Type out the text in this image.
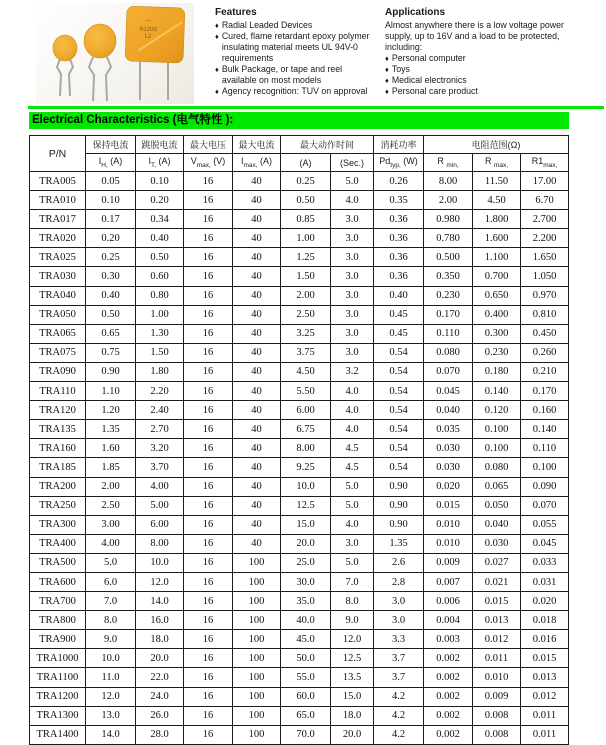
〰
A1200
L2
Features
♦ Radial Leaded Devices
♦ Cured, flame retardant epoxy polymer insulating material meets UL 94V-0 requirements
♦ Bulk Package, or tape and reel available on most models
♦ Agency recognition: TUV on approval
Applications

Almost anywhere there is a low voltage power supply, up to 16V and a load to be protected, including:

♦ Personal computer
♦ Toys
♦ Medical electronics
♦ Personal care product
Electrical Characteristics (电气特性 ):
P/N	保持电流	跳脱电流	最大电压	最大电流	最大动作时间		消耗功率	电阻范围(Ω)		
	$I_{H,}$ (A)	$I_{T,}$ (A)	$V_{max,}$ (V)	$I_{max,}$ (A)	(A)	(Sec.)	$Pd_{typ,}$ (W)	R $_{min,}$	R $_{max,}$	$R1_{max,}$
TRA005	0.05	0.10	16	40	0.25	5.0	0.26	8.00	11.50	17.00
TRA010	0.10	0.20	16	40	0.50	4.0	0.35	2.00	4.50	6.70
TRA017	0.17	0.34	16	40	0.85	3.0	0.36	0.980	1.800	2.700
TRA020	0.20	0.40	16	40	1.00	3.0	0.36	0.780	1.600	2.200
TRA025	0.25	0.50	16	40	1.25	3.0	0.36	0.500	1.100	1.650
TRA030	0.30	0.60	16	40	1.50	3.0	0.36	0.350	0.700	1.050
TRA040	0.40	0.80	16	40	2.00	3.0	0.40	0.230	0.650	0.970
TRA050	0.50	1.00	16	40	2.50	3.0	0.45	0.170	0.400	0.810
TRA065	0.65	1.30	16	40	3.25	3.0	0.45	0.110	0.300	0.450
TRA075	0.75	1.50	16	40	3.75	3.0	0.54	0.080	0.230	0.260
TRA090	0.90	1.80	16	40	4.50	3.2	0.54	0.070	0.180	0.210
TRA110	1.10	2.20	16	40	5.50	4.0	0.54	0.045	0.140	0.170
TRA120	1.20	2.40	16	40	6.00	4.0	0.54	0.040	0.120	0.160
TRA135	1.35	2.70	16	40	6.75	4.0	0.54	0.035	0.100	0.140
TRA160	1.60	3.20	16	40	8.00	4.5	0.54	0.030	0.100	0.110
TRA185	1.85	3.70	16	40	9.25	4.5	0.54	0.030	0.080	0.100
TRA200	2.00	4.00	16	40	10.0	5.0	0.90	0.020	0.065	0.090
TRA250	2.50	5.00	16	40	12.5	5.0	0.90	0.015	0.050	0.070
TRA300	3.00	6.00	16	40	15.0	4.0	0.90	0.010	0.040	0.055
TRA400	4.00	8.00	16	40	20.0	3.0	1.35	0.010	0.030	0.045
TRA500	5.0	10.0	16	100	25.0	5.0	2.6	0.009	0.027	0.033
TRA600	6.0	12.0	16	100	30.0	7.0	2.8	0.007	0.021	0.031
TRA700	7.0	14.0	16	100	35.0	8.0	3.0	0.006	0.015	0.020
TRA800	8.0	16.0	16	100	40.0	9.0	3.0	0.004	0.013	0.018
TRA900	9.0	18.0	16	100	45.0	12.0	3.3	0.003	0.012	0.016
TRA1000	10.0	20.0	16	100	50.0	12.5	3.7	0.002	0.011	0.015
TRA1100	11.0	22.0	16	100	55.0	13.5	3.7	0.002	0.010	0.013
TRA1200	12.0	24.0	16	100	60.0	15.0	4.2	0.002	0.009	0.012
TRA1300	13.0	26.0	16	100	65.0	18.0	4.2	0.002	0.008	0.011
TRA1400	14.0	28.0	16	100	70.0	20.0	4.2	0.002	0.008	0.011
